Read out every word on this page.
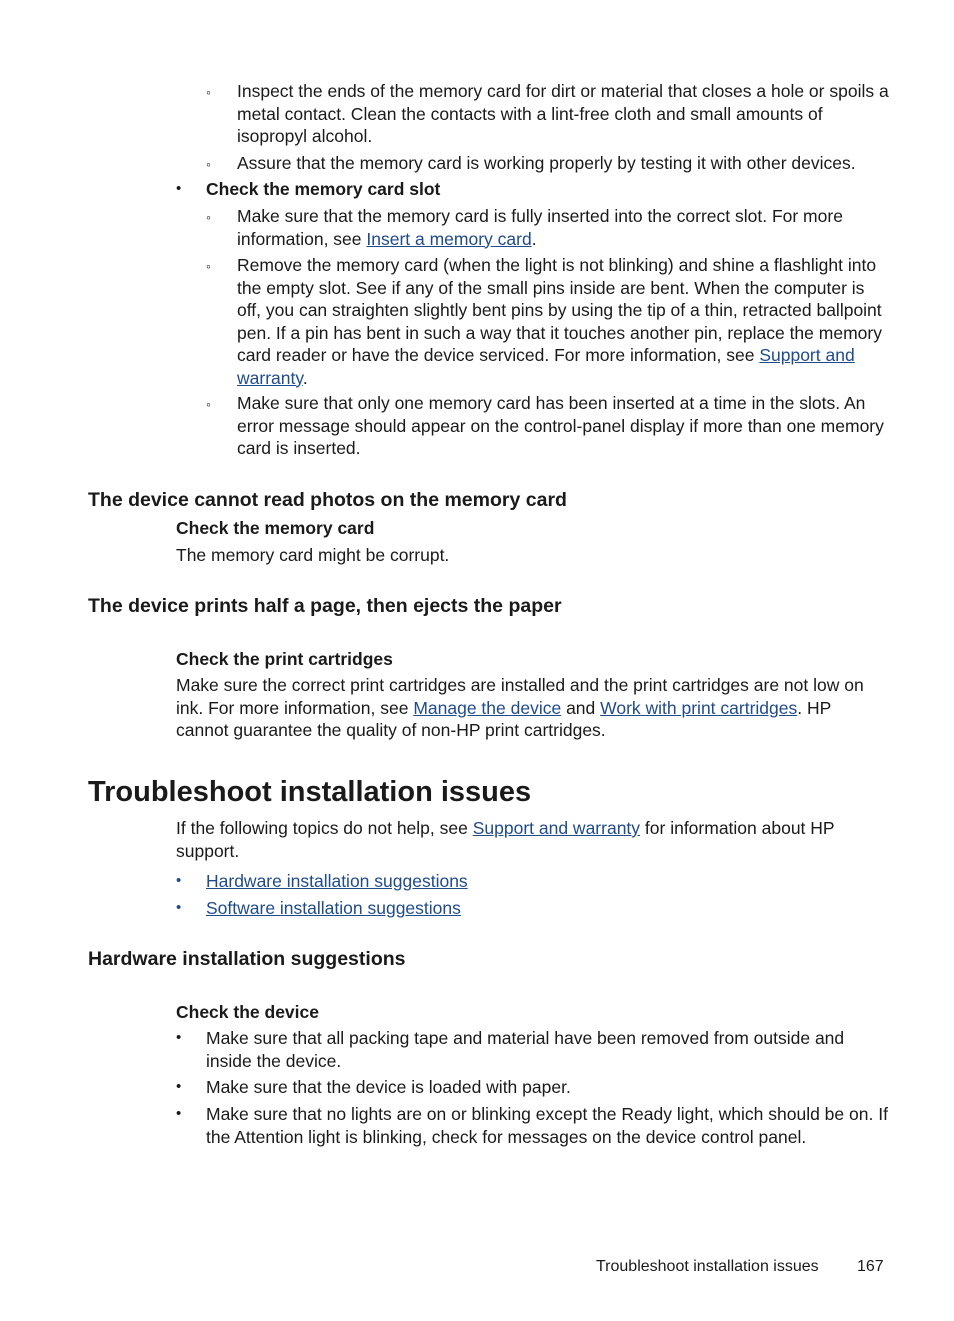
◦ Inspect the ends of the memory card for dirt or material that closes a hole or spoils a metal contact. Clean the contacts with a lint-free cloth and small amounts of isopropyl alcohol.
◦ Assure that the memory card is working properly by testing it with other devices.
• Check the memory card slot
◦ Make sure that the memory card is fully inserted into the correct slot. For more information, see Insert a memory card.
◦ Remove the memory card (when the light is not blinking) and shine a flashlight into the empty slot. See if any of the small pins inside are bent. When the computer is off, you can straighten slightly bent pins by using the tip of a thin, retracted ballpoint pen. If a pin has bent in such a way that it touches another pin, replace the memory card reader or have the device serviced. For more information, see Support and warranty.
◦ Make sure that only one memory card has been inserted at a time in the slots. An error message should appear on the control-panel display if more than one memory card is inserted.
The device cannot read photos on the memory card
Check the memory card
The memory card might be corrupt.
The device prints half a page, then ejects the paper
Check the print cartridges
Make sure the correct print cartridges are installed and the print cartridges are not low on ink. For more information, see Manage the device and Work with print cartridges. HP cannot guarantee the quality of non-HP print cartridges.
Troubleshoot installation issues
If the following topics do not help, see Support and warranty for information about HP support.
• Hardware installation suggestions
• Software installation suggestions
Hardware installation suggestions
Check the device
• Make sure that all packing tape and material have been removed from outside and inside the device.
• Make sure that the device is loaded with paper.
• Make sure that no lights are on or blinking except the Ready light, which should be on. If the Attention light is blinking, check for messages on the device control panel.
Troubleshoot installation issues 167
